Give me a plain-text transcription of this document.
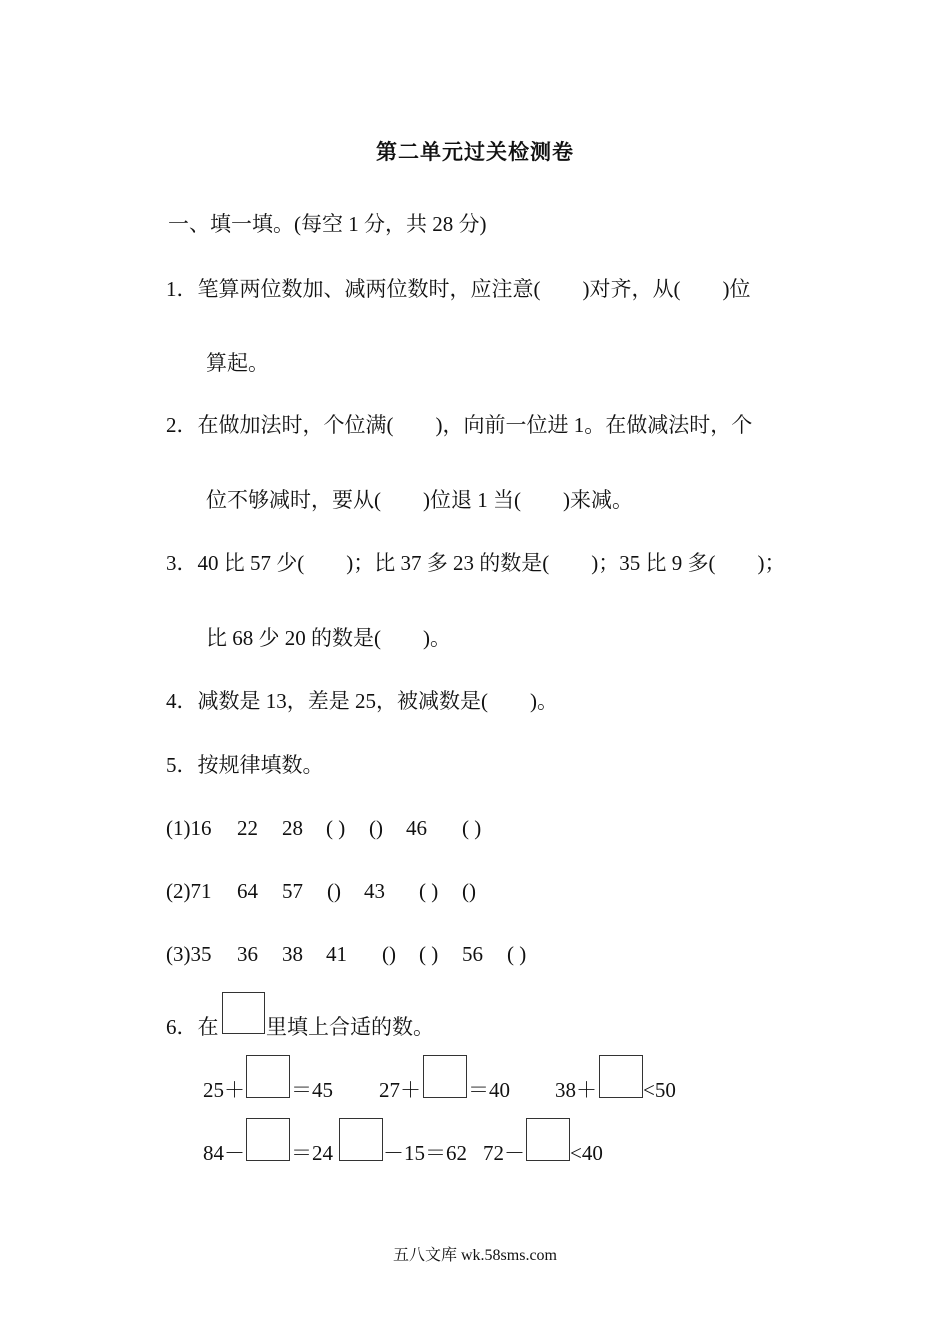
第二单元过关检测卷
一、填一填。(每空 1 分，共 28 分)
1．笔算两位数加、减两位数时，应注意(　　)对齐，从(　　)位
算起。
2．在做加法时，个位满(　　)，向前一位进 1。在做减法时，个
位不够减时，要从(　　)位退 1 当(　　)来减。
3．40 比 57 少(　　)；比 37 多 23 的数是(　　)；35 比 9 多(　　)；
比 68 少 20 的数是(　　)。
4．减数是 13，差是 25，被减数是(　　)。
5．按规律填数。
(1)16 22 28 ( ) () 46 ( )
(2)71 64 57 () 43 ( ) ()
(3)35 36 38 41 () ( ) 56 ( )
6．在 里填上合适的数。
25＋ ＝45 27＋ ＝40 38＋ <50
84－ ＝24 －15＝62 72－ <40
五八文库 wk.58sms.com
